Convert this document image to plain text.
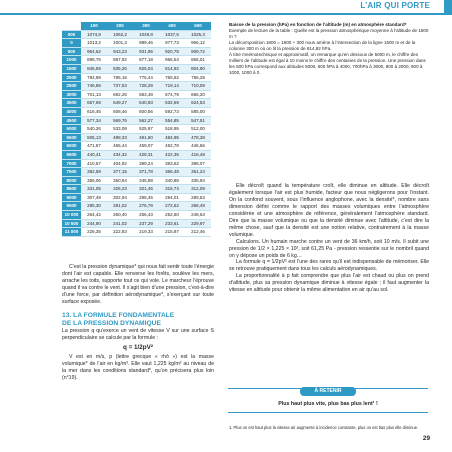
L’AIR QUI PORTE
0	100	200	300	400	500
000	1074,8	1062,2	1049,8	1037,5	1025,3
0	1013,2	1001,3	989,46	977,73	966,12
500	954,62	943,23	931,95	920,78	909,72
1000	898,76	887,92	877,18	866,54	856,01
1500	845,59	835,26	825,04	814,92	804,90
2000	794,98	785,16	775,44	765,82	756,29
2500	746,86	737,53	728,29	719,14	710,09
3000	701,13	692,26	683,48	674,79	666,20
3500	657,69	649,27	640,93	632,69	624,53
4000	616,45	608,46	600,56	592,73	585,00
4500	577,34	569,76	562,27	554,85	547,51
5000	540,26	533,08	525,97	518,95	512,00
5500	505,13	498,33	491,60	484,95	478,38
6000	471,87	465,44	459,07	452,78	446,56
6500	440,41	434,32	428,31	422,36	416,48
7000	410,67	404,92	399,24	393,62	388,07
7500	382,58	377,15	371,78	366,48	361,24
8000	356,06	350,94	345,88	340,88	335,94
8500	331,05	326,23	321,46	316,74	312,09
9000	307,49	302,94	298,45	294,01	289,63
9500	285,30	281,02	276,79	272,62	268,49
10 000	264,42	260,40	256,43	252,50	248,63
10 500	244,80	241,02	237,29	233,61	229,97
11 000	226,35	222,83	219,33	215,87	212,46

Baisse de la pression (hPa) en fonction de l’altitude (m) en atmosphère standard*

Exemple de lecture de la table : Quelle est la pression atmosphérique moyenne à l’altitude de 1800 m ?

La décomposition 1800 = 1500 + 300 nous amène à l’intersection de la ligne 1500 m et de la colonne 300 m où on lit la pression de 814,92 hPa.

À titre mnémotechnique et approximatif, on remarque qu’en dessous de 5000 m, le chiffre des milliers de l’altitude est égal à 10 moins le chiffre des centaines de la pression. Une pression dans les 500 hPa correspond aux altitudes 5000, 600 hPa à 4000, 700hPa à 3000, 800 à 2000, 900 à 1000, 1000 à 0.

Elle décroît quand la température croît, elle diminue en altitude. Elle décroît également lorsque l’air est plus humide, facteur que nous négligerons pour l’instant. On la confond souvent, sous l’influence anglophone, avec la densité*, nombre sans dimension défini comme le rapport des masses volumiques entre l’atmosphère considérée et une atmosphère de référence, généralement l’atmosphère standard. Dire que la masse volumique ou que la densité diminue avec l’altitude, c’est dire la même chose, sauf que la densité est une notion relative, contrairement à la masse volumique.

Calculons. Un humain marche contre un vent de 36 km/h, soit 10 m/s. Il subit une pression de 1/2 × 1,225 × 10², soit 61,25 Pa - pression ressentie sur le nombril quand on y dépose un poids de 6 kg…

La formule q = 1/2pV² est l’une des rares qu’il est indispensable de mémoriser. Elle se retrouve pratiquement dans tous les calculs aérodynamiques.

La proportionnalité à p fait comprendre que plus l’air est chaud ou plus on prend d’altitude, plus sa pression dynamique diminue à vitesse égale ; il faut augmenter la vitesse en altitude pour obtenir la même alimentation en air qu’au sol.

C’est la pression dynamique* qui nous fait sentir toute l’énergie dont l’air est capable. Elle renverse les forêts, soulève les mers, arrache les toits, supporte tout ce qui vole. Le marcheur l’éprouve quand il va contre le vent. Il s’agit bien d’une pression, c’est-à-dire d’une force, par définition aérodynamique*, s’exerçant sur toute surface exposée.

13. LA FORMULE FONDAMENTALE
DE LA PRESSION DYNAMIQUE

La pression q qu’exerce un vent de vitesse V sur une surface S perpendiculaire se calcule par la formule :

q = 1/2pV²

V est en m/s, p (lettre grecque « rhô ») est la masse volumique* de l’air en kg/m³. Elle vaut 1,225 kg/m³ au niveau de la mer dans les conditions standard*, qu’on précisera plus loin (n°19).

À RETENIR
Plus haut plus vite, plus bas plus lent¹ !
1. Plus on est haut plus la vitesse air augmente à incidence constante, plus on est bas plus elle diminue.
29
